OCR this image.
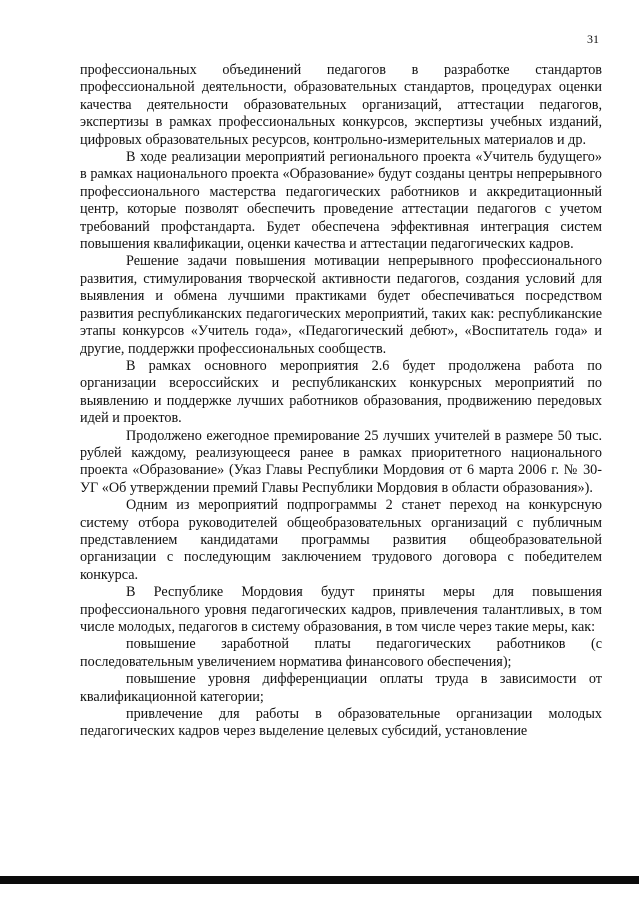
31

профессиональных объединений педагогов в разработке стандартов профессиональной деятельности, образовательных стандартов, процедурах оценки качества деятельности образовательных организаций, аттестации педагогов, экспертизы в рамках профессиональных конкурсов, экспертизы учебных изданий, цифровых образовательных ресурсов, контрольно-измерительных материалов и др.

В ходе реализации мероприятий регионального проекта «Учитель будущего» в рамках национального проекта «Образование» будут созданы центры непрерывного профессионального мастерства педагогических работников и аккредитационный центр, которые позволят обеспечить проведение аттестации педагогов с учетом требований профстандарта. Будет обеспечена эффективная интеграция систем повышения квалификации, оценки качества и аттестации педагогических кадров.

Решение задачи повышения мотивации непрерывного профессионального развития, стимулирования творческой активности педагогов, создания условий для выявления и обмена лучшими практиками будет обеспечиваться посредством развития республиканских педагогических мероприятий, таких как: республиканские этапы конкурсов «Учитель года», «Педагогический дебют», «Воспитатель года» и другие, поддержки профессиональных сообществ.

В рамках основного мероприятия 2.6 будет продолжена работа по организации всероссийских и республиканских конкурсных мероприятий по выявлению и поддержке лучших работников образования, продвижению передовых идей и проектов.

Продолжено ежегодное премирование 25 лучших учителей в размере 50 тыс. рублей каждому, реализующееся ранее в рамках приоритетного национального проекта «Образование» (Указ Главы Республики Мордовия от 6 марта 2006 г. № 30-УГ «Об утверждении премий Главы Республики Мордовия в области образования»).

Одним из мероприятий подпрограммы 2 станет переход на конкурсную систему отбора руководителей общеобразовательных организаций с публичным представлением кандидатами программы развития общеобразовательной организации с последующим заключением трудового договора с победителем конкурса.

В Республике Мордовия будут приняты меры для повышения профессионального уровня педагогических кадров, привлечения талантливых, в том числе молодых, педагогов в систему образования, в том числе через такие меры, как:

повышение заработной платы педагогических работников (с последовательным увеличением норматива финансового обеспечения);

повышение уровня дифференциации оплаты труда в зависимости от квалификационной категории;

привлечение для работы в образовательные организации молодых педагогических кадров через выделение целевых субсидий, установление
